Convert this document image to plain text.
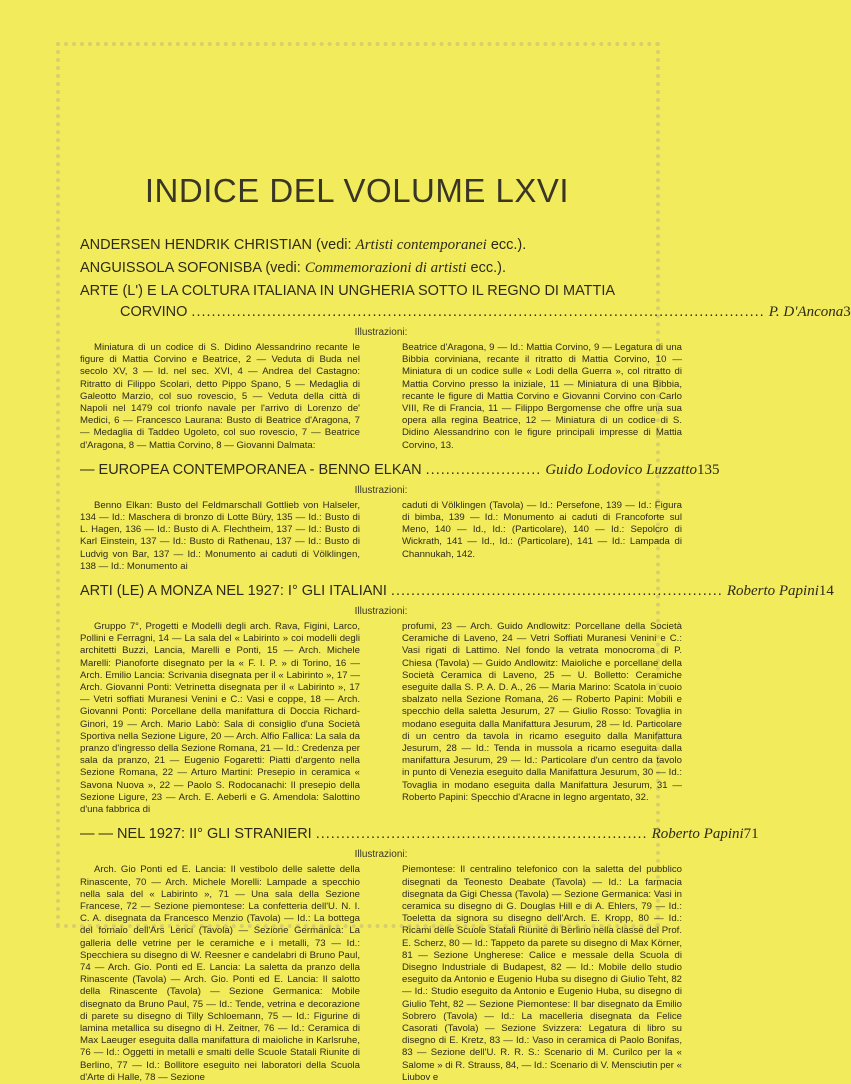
INDICE DEL VOLUME LXVI

ANDERSEN HENDRIK CHRISTIAN (vedi: Artisti contemporanei ecc.).

ANGUISSOLA SOFONISBA (vedi: Commemorazioni di artisti ecc.).

ARTE (L') E LA COLTURA ITALIANA IN UNGHERIA SOTTO IL REGNO DI MATTIA

CORVINO .................................................................................................................. P. D'Ancona 3
Illustrazioni:

Miniatura di un codice di S. Didino Alessandrino recante le figure di Mattia Corvino e Beatrice, 2 — Veduta di Buda nel secolo XV, 3 — Id. nel sec. XVI, 4 — Andrea del Castagno: Ritratto di Filippo Scolari, detto Pippo Spano, 5 — Medaglia di Galeotto Marzio, col suo rovescio, 5 — Veduta della città di Napoli nel 1479 col trionfo navale per l'arrivo di Lorenzo de' Medici, 6 — Francesco Laurana: Busto di Beatrice d'Aragona, 7 — Medaglia di Taddeo Ugoleto, col suo rovescio, 7 — Beatrice d'Aragona, 8 — Mattia Corvino, 8 — Giovanni Dalmata:

Beatrice d'Aragona, 9 — Id.: Mattia Corvino, 9 — Legatura di una Bibbia corviniana, recante il ritratto di Mattia Corvino, 10 — Miniatura di un codice sulle « Lodi della Guerra », col ritratto di Mattia Corvino presso la iniziale, 11 — Miniatura di una Bibbia, recante le figure di Mattia Corvino e Giovanni Corvino con Carlo VIII, Re di Francia, 11 — Filippo Bergomense che offre una sua opera alla regina Beatrice, 12 — Miniatura di un codice di S. Didino Alessandrino con le figure principali impresse di Mattia Corvino, 13.

— EUROPEA CONTEMPORANEA - BENNO ELKAN ....................... Guido Lodovico Luzzatto 135
Illustrazioni:

Benno Elkan: Busto del Feldmarschall Gottlieb von Halseler, 134 — Id.: Maschera di bronzo di Lotte Büry, 135 — Id.: Busto di L. Hagen, 136 — Id.: Busto di A. Flechtheim, 137 — Id.: Busto di Karl Einstein, 137 — Id.: Busto di Rathenau, 137 — Id.: Busto di Ludvig von Bar, 137 — Id.: Monumento ai caduti di Völklingen, 138 — Id.: Monumento ai

caduti di Völklingen (Tavola) — Id.: Persefone, 139 — Id.: Figura di bimba, 139 — Id.: Monumento ai caduti di Francoforte sul Meno, 140 — Id., Id.: (Particolare), 140 — Id.: Sepolcro di Wickrath, 141 — Id., Id.: (Particolare), 141 — Id.: Lampada di Channukah, 142.

ARTI (LE) A MONZA NEL 1927: I° GLI ITALIANI .................................................................. Roberto Papini 14
Illustrazioni:

Gruppo 7°, Progetti e Modelli degli arch. Rava, Figini, Larco, Pollini e Ferragni, 14 — La sala del « Labirinto » coi modelli degli architetti Buzzi, Lancia, Marelli e Ponti, 15 — Arch. Michele Marelli: Pianoforte disegnato per la « F. I. P. » di Torino, 16 — Arch. Emilio Lancia: Scrivania disegnata per il « Labirinto », 17 — Arch. Giovanni Ponti: Vetrinetta disegnata per il « Labirinto », 17 — Vetri soffiati Muranesi Venini e C.: Vasi e coppe, 18 — Arch. Giovanni Ponti: Porcellane della manifattura di Doccia Richard-Ginori, 19 — Arch. Mario Labò: Sala di consiglio d'una Società Sportiva nella Sezione Ligure, 20 — Arch. Alfio Fallica: La sala da pranzo d'ingresso della Sezione Romana, 21 — Id.: Credenza per sala da pranzo, 21 — Eugenio Fogaretti: Piatti d'argento nella Sezione Romana, 22 — Arturo Martini: Presepio in ceramica « Savona Nuova », 22 — Paolo S. Rodocanachi: Il presepio della Sezione Ligure, 23 — Arch. E. Aeberli e G. Amendola: Salottino d'una fabbrica di

profumi, 23 — Arch. Guido Andlowitz: Porcellane della Società Ceramiche di Laveno, 24 — Vetri Soffiati Muranesi Venini e C.: Vasi rigati di Lattimo. Nel fondo la vetrata monocroma di P. Chiesa (Tavola) — Guido Andlowitz: Maioliche e porcellane della Società Ceramica di Laveno, 25 — U. Bolletto: Ceramiche eseguite dalla S. P. A. D. A., 26 — Maria Marino: Scatola in cuoio sbalzato nella Sezione Romana, 26 — Roberto Papini: Mobili e specchio della saletta Jesurum, 27 — Giulio Rosso: Tovaglia in modano eseguita dalla Manifattura Jesurum, 28 — Id. Particolare di un centro da tavola in ricamo eseguito dalla Manifattura Jesurum, 28 — Id.: Tenda in mussola a ricamo eseguita dalla manifattura Jesurum, 29 — Id.: Particolare d'un centro da tavolo in punto di Venezia eseguito dalla Manifattura Jesurum, 30 — Id.: Tovaglia in modano eseguita dalla Manifattura Jesurum, 31 — Roberto Papini: Specchio d'Aracne in legno argentato, 32.

— — NEL 1927: II° GLI STRANIERI .................................................................. Roberto Papini 71
Illustrazioni:

Arch. Gio Ponti ed E. Lancia: Il vestibolo delle salette della Rinascente, 70 — Arch. Michele Morelli: Lampade a specchio nella sala del « Labirinto », 71 — Una sala della Sezione Francese, 72 — Sezione piemontese: La confetteria dell'U. N. I. C. A. disegnata da Francesco Menzio (Tavola) — Id.: La bottega del fornaio dell'Ars Lenci (Tavola) — Sezione Germanica: La galleria delle vetrine per le ceramiche e i metalli, 73 — Id.: Specchiera su disegno di W. Reesner e candelabri di Bruno Paul, 74 — Arch. Gio. Ponti ed E. Lancia: La saletta da pranzo della Rinascente (Tavola) — Arch. Gio. Ponti ed E. Lancia: Il salotto della Rinascente (Tavola) — Sezione Germanica: Mobile disegnato da Bruno Paul, 75 — Id.: Tende, vetrina e decorazione di parete su disegno di Tilly Schloemann, 75 — Id.: Figurine di lamina metallica su disegno di H. Zeitner, 76 — Id.: Ceramica di Max Laeuger eseguita dalla manifattura di maioliche in Karlsruhe, 76 — Id.: Oggetti in metalli e smalti delle Scuole Statali Riunite di Berlino, 77 — Id.: Bollitore eseguito nei laboratori della Scuola d'Arte di Halle, 78 — Sezione

Piemontese: Il centralino telefonico con la saletta del pubblico disegnati da Teonesto Deabate (Tavola) — Id.: La farmacia disegnata da Gigi Chessa (Tavola) — Sezione Germanica: Vasi in ceramica su disegno di G. Douglas Hill e di A. Ehlers, 79 — Id.: Toeletta da signora su disegno dell'Arch. E. Kropp, 80 — Id.: Ricami delle Scuole Statali Riunite di Berlino nella classe del Prof. E. Scherz, 80 — Id.: Tappeto da parete su disegno di Max Körner, 81 — Sezione Ungherese: Calice e messale della Scuola di Disegno Industriale di Budapest, 82 — Id.: Mobile dello studio eseguito da Antonio e Eugenio Huba su disegno di Giulio Teht, 82 — Id.: Studio eseguito da Antonio e Eugenio Huba, su disegno di Giulio Teht, 82 — Sezione Piemontese: Il bar disegnato da Emilio Sobrero (Tavola) — Id.: La macelleria disegnata da Felice Casorati (Tavola) — Sezione Svizzera: Legatura di libro su disegno di E. Kretz, 83 — Id.: Vaso in ceramica di Paolo Bonifas, 83 — Sezione dell'U. R. R. S.: Scenario di M. Curilco per la « Salome » di R. Strauss, 84, — Id.: Scenario di V. Mensciutin per « Liubov e
